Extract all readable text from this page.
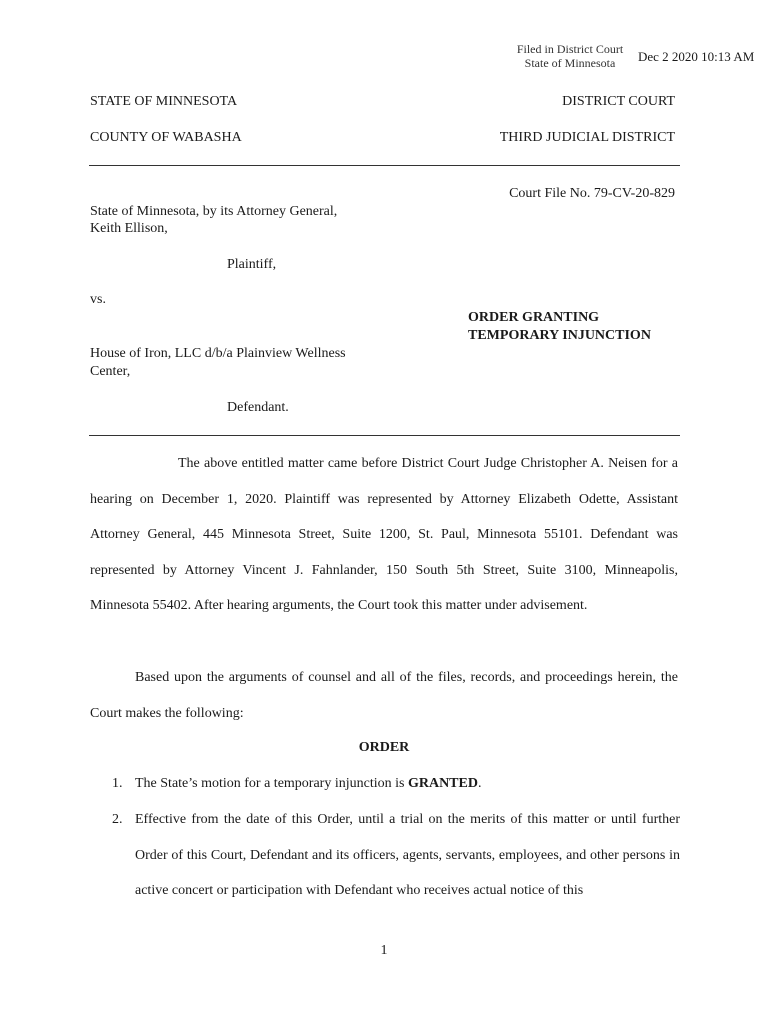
Filed in District Court
State of Minnesota	Dec 2 2020 10:13 AM
STATE OF MINNESOTA	DISTRICT COURT
COUNTY OF WABASHA	THIRD JUDICIAL DISTRICT
Court File No. 79-CV-20-829
State of Minnesota, by its Attorney General,
Keith Ellison,
Plaintiff,
vs.
ORDER GRANTING
TEMPORARY INJUNCTION
House of Iron, LLC d/b/a Plainview Wellness
Center,
Defendant.
The above entitled matter came before District Court Judge Christopher A. Neisen for a hearing on December 1, 2020. Plaintiff was represented by Attorney Elizabeth Odette, Assistant Attorney General, 445 Minnesota Street, Suite 1200, St. Paul, Minnesota 55101. Defendant was represented by Attorney Vincent J. Fahnlander, 150 South 5th Street, Suite 3100, Minneapolis, Minnesota 55402. After hearing arguments, the Court took this matter under advisement.
Based upon the arguments of counsel and all of the files, records, and proceedings herein, the Court makes the following:
ORDER
1. The State’s motion for a temporary injunction is GRANTED.
2. Effective from the date of this Order, until a trial on the merits of this matter or until further Order of this Court, Defendant and its officers, agents, servants, employees, and other persons in active concert or participation with Defendant who receives actual notice of this
1
